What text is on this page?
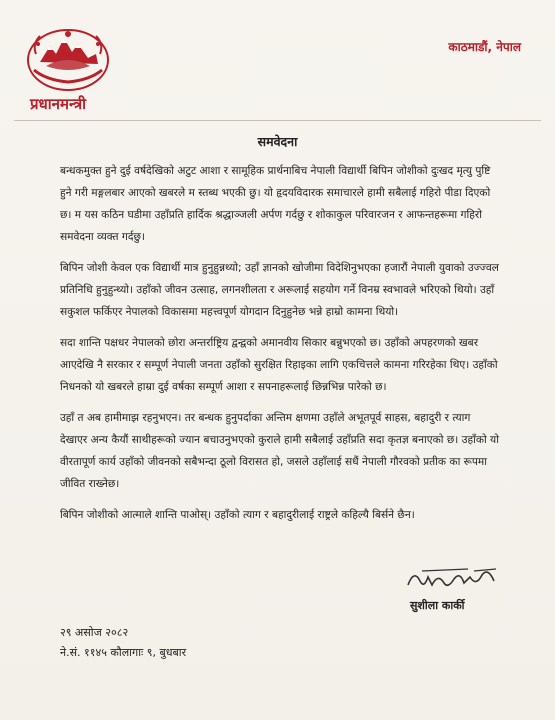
प्रधानमन्त्री
काठमाडौं, नेपाल
समवेदना

बन्धकमुक्त हुने दुई वर्षदेखिको अटुट आशा र सामूहिक प्रार्थनाबिच नेपाली विद्यार्थी बिपिन जोशीको दुःखद मृत्यु पुष्टि हुने गरी मङ्गलबार आएको खबरले म स्तब्ध भएकी छु। यो हृदयविदारक समाचारले हामी सबैलाई गहिरो पीडा दिएको छ। म यस कठिन घडीमा उहाँप्रति हार्दिक श्रद्धाञ्जली अर्पण गर्दछु र शोकाकुल परिवारजन र आफन्तहरूमा गहिरो समवेदना व्यक्त गर्दछु।

बिपिन जोशी केवल एक विद्यार्थी मात्र हुनुहुन्नथ्यो; उहाँ ज्ञानको खोजीमा विदेशिनुभएका हजारौं नेपाली युवाको उज्ज्वल प्रतिनिधि हुनुहुन्थ्यो। उहाँको जीवन उत्साह, लगनशीलता र अरूलाई सहयोग गर्ने विनम्र स्वभावले भरिएको थियो। उहाँ सकुशल फर्किएर नेपालको विकासमा महत्त्वपूर्ण योगदान दिनुहुनेछ भन्ने हाम्रो कामना थियो।

सदा शान्ति पक्षधर नेपालको छोरा अन्तर्राष्ट्रिय द्वन्द्वको अमानवीय सिकार बन्नुभएको छ। उहाँको अपहरणको खबर आएदेखि नै सरकार र सम्पूर्ण नेपाली जनता उहाँको सुरक्षित रिहाइका लागि एकचित्तले कामना गरिरहेका थिए। उहाँको निधनको यो खबरले हाम्रा दुई वर्षका सम्पूर्ण आशा र सपनाहरूलाई छिन्नभिन्न पारेको छ।

उहाँ त अब हामीमाझ रहनुभएन। तर बन्धक हुनुपर्दाका अन्तिम क्षणमा उहाँले अभूतपूर्व साहस, बहादुरी र त्याग देखाएर अन्य कैयौं साथीहरूको ज्यान बचाउनुभएको कुराले हामी सबैलाई उहाँप्रति सदा कृतज्ञ बनाएको छ। उहाँको यो वीरतापूर्ण कार्य उहाँको जीवनको सबैभन्दा ठूलो विरासत हो, जसले उहाँलाई सधैं नेपाली गौरवको प्रतीक का रूपमा जीवित राख्नेछ।

बिपिन जोशीको आत्माले शान्ति पाओस्। उहाँको त्याग र बहादुरीलाई राष्ट्रले कहिल्यै बिर्सने छैन।

सुशीला कार्की
२९ असोज २०८२
ने.सं. ११४५ कौलागाः ९, बुधबार
